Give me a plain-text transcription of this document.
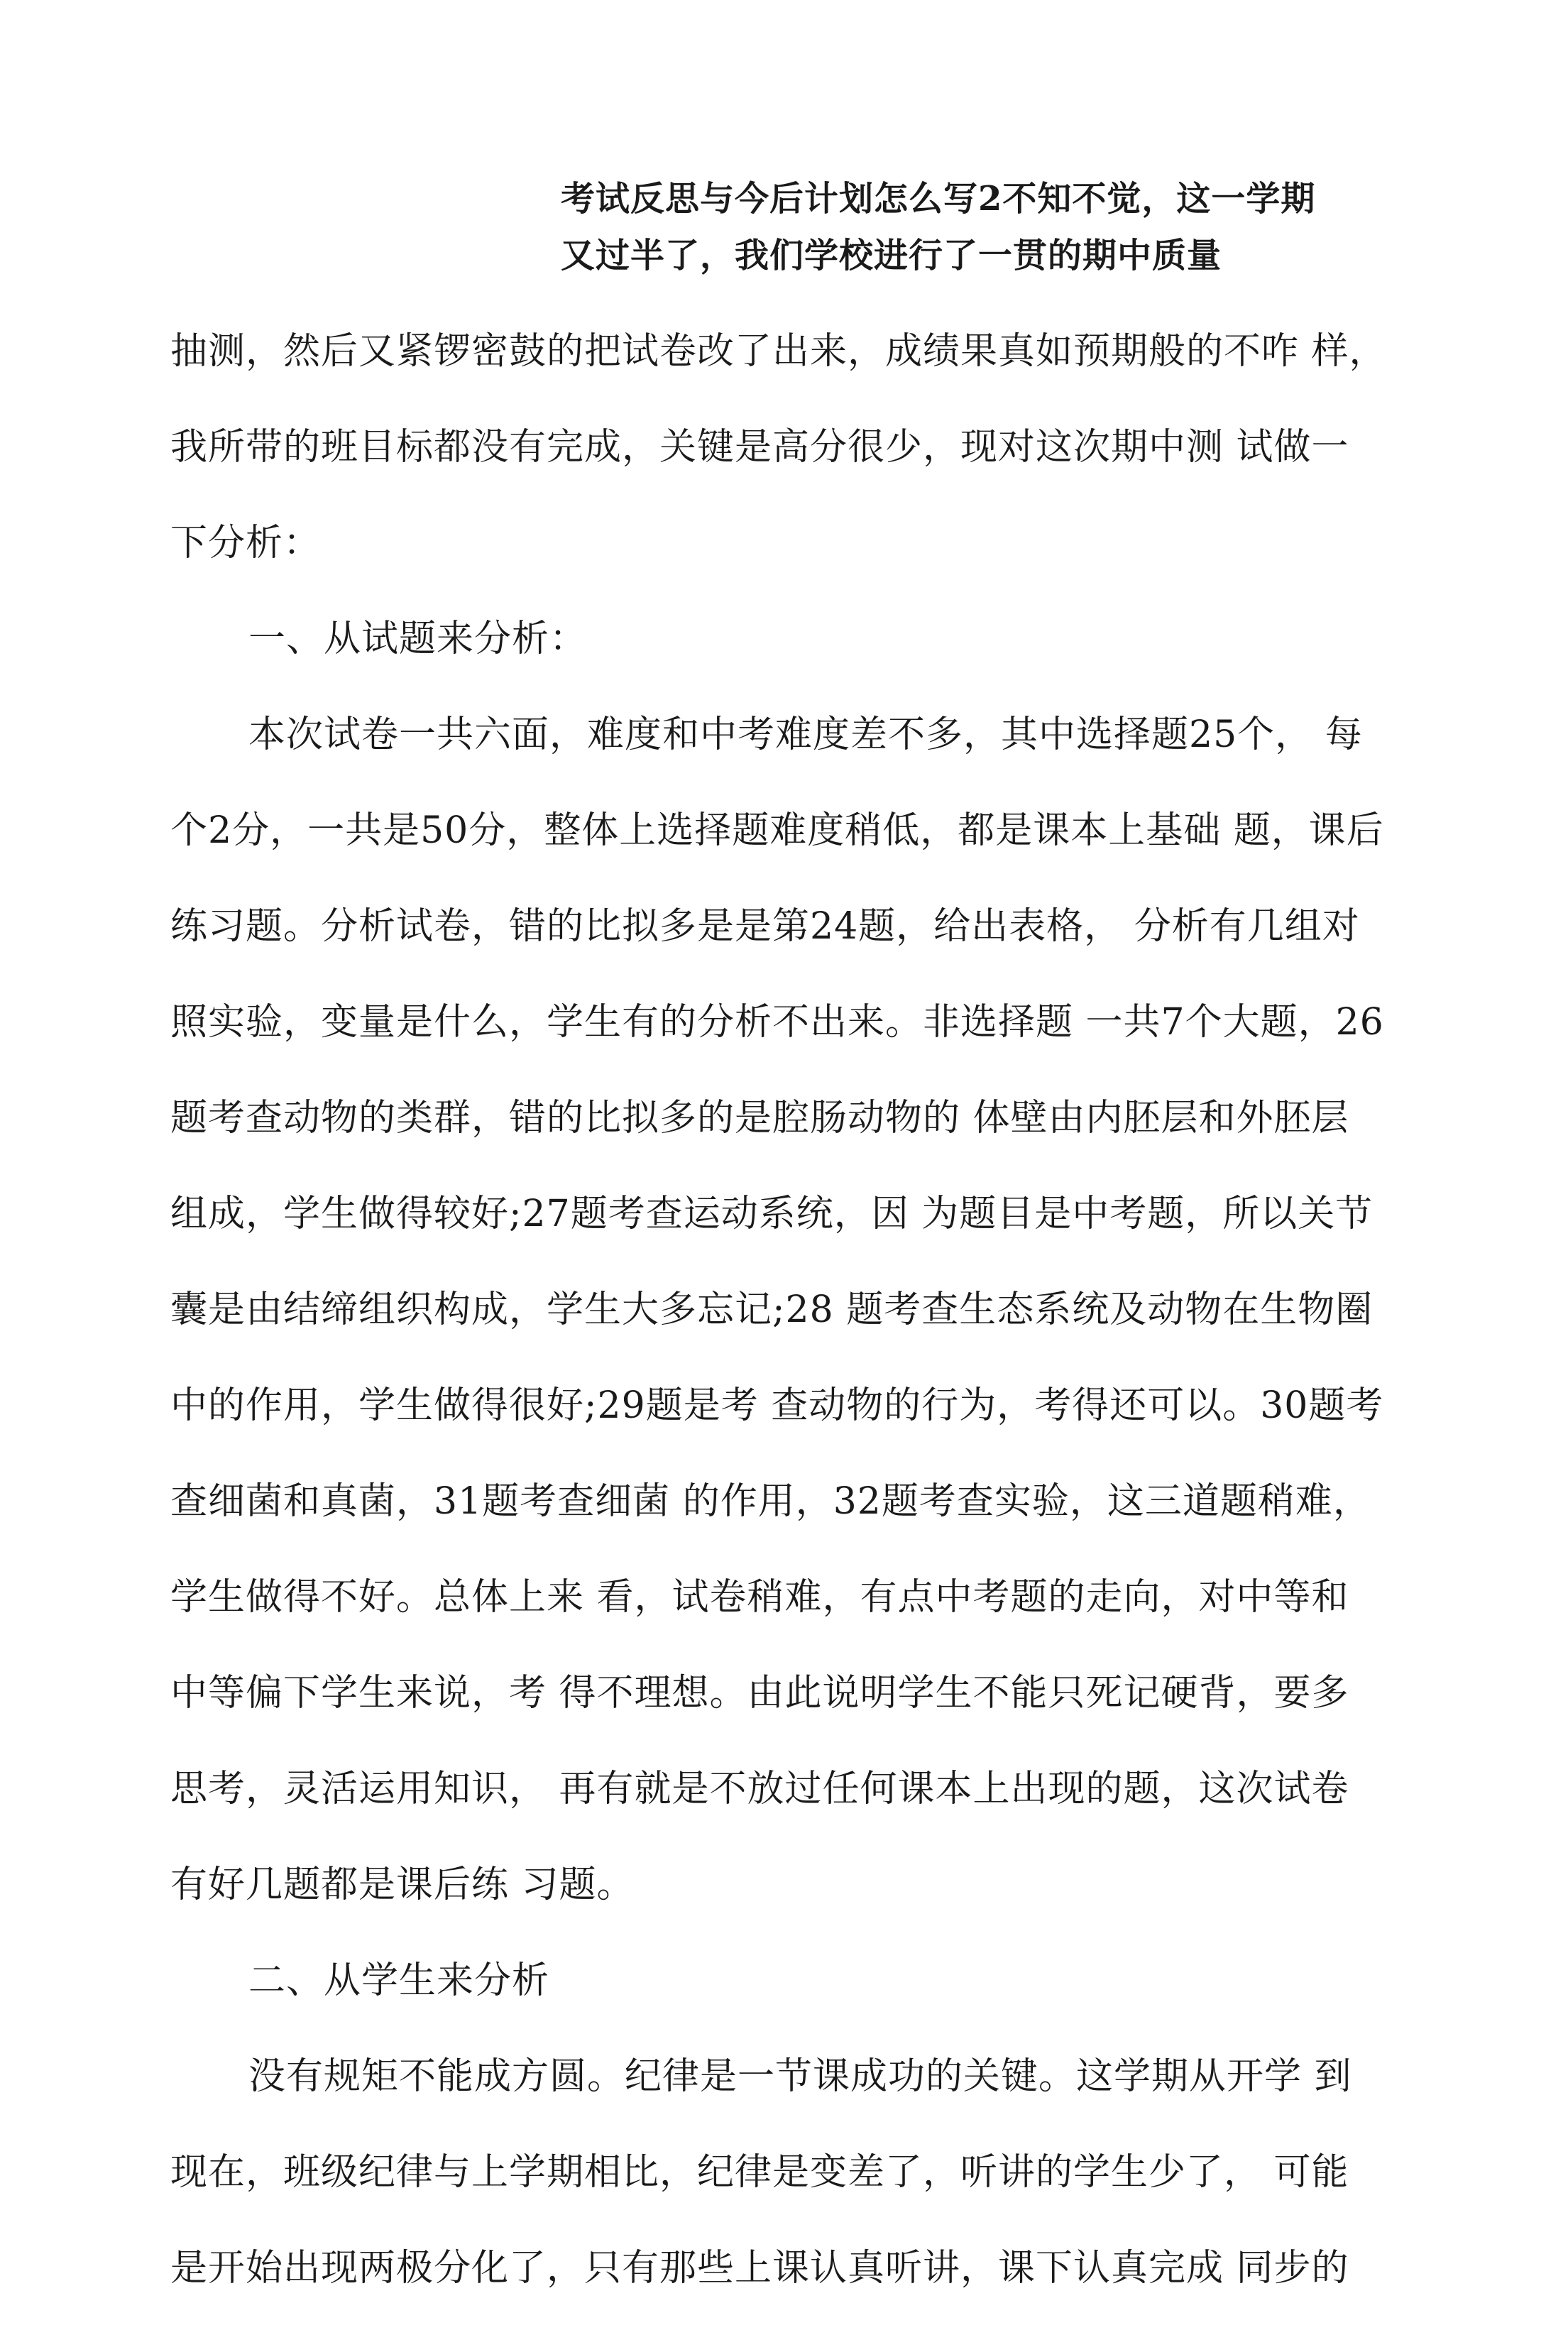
考试反思与今后计划怎么写2不知不觉，这一学期
又过半了，我们学校进行了一贯的期中质量
抽测，然后又紧锣密鼓的把试卷改了出来，成绩果真如预期般的不咋 样，
我所带的班目标都没有完成，关键是高分很少，现对这次期中测 试做一
下分析：
一、从试题来分析：
本次试卷一共六面，难度和中考难度差不多，其中选择题25个， 每
个2分，一共是50分，整体上选择题难度稍低，都是课本上基础 题，课后
练习题。分析试卷，错的比拟多是是第24题，给出表格， 分析有几组对
照实验，变量是什么，学生有的分析不出来。非选择题 一共7个大题，26
题考查动物的类群，错的比拟多的是腔肠动物的 体壁由内胚层和外胚层
组成，学生做得较好;27题考查运动系统，因 为题目是中考题，所以关节
囊是由结缔组织构成，学生大多忘记;28 题考查生态系统及动物在生物圈
中的作用，学生做得很好;29题是考 查动物的行为，考得还可以。30题考
查细菌和真菌，31题考查细菌 的作用，32题考查实验，这三道题稍难，
学生做得不好。总体上来 看，试卷稍难，有点中考题的走向，对中等和
中等偏下学生来说，考 得不理想。由此说明学生不能只死记硬背，要多
思考，灵活运用知识， 再有就是不放过任何课本上出现的题，这次试卷
有好几题都是课后练 习题。
二、从学生来分析
没有规矩不能成方圆。纪律是一节课成功的关键。这学期从开学 到
现在，班级纪律与上学期相比，纪律是变差了，听讲的学生少了， 可能
是开始出现两极分化了，只有那些上课认真听讲，课下认真完成 同步的
